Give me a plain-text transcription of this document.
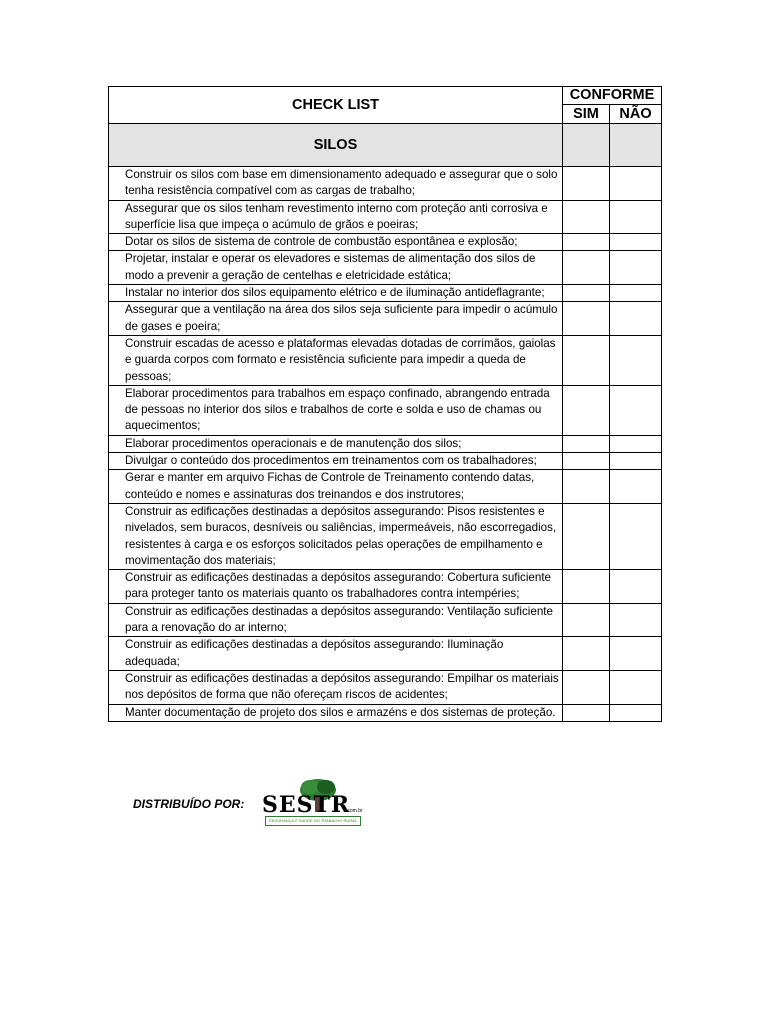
CHECK LIST	CONFORME	
	SIM	NÃO
SILOS		
Construir os silos com base em dimensionamento adequado e assegurar que o solo tenha resistência compatível com as cargas de trabalho;		
Assegurar que os silos tenham revestimento interno com proteção anti corrosiva e superfície lisa que impeça o acúmulo de grãos e poeiras;		
Dotar os silos de sistema de controle de combustão espontânea e explosão;		
Projetar, instalar e operar os elevadores e sistemas de alimentação dos silos de modo a prevenir a geração de centelhas e eletricidade estática;		
Instalar no interior dos silos equipamento elétrico e de iluminação antideflagrante;		
Assegurar que a ventilação na área dos silos seja suficiente para impedir o acúmulo de gases e poeira;		
Construir escadas de acesso e plataformas elevadas dotadas de corrimãos, gaiolas e guarda corpos com formato e resistência suficiente para impedir a queda de pessoas;		
Elaborar procedimentos para trabalhos em espaço confinado, abrangendo entrada de pessoas no interior dos silos e trabalhos de corte e solda e uso de chamas ou aquecimentos;		
Elaborar procedimentos operacionais e de manutenção dos silos;		
Divulgar o conteúdo dos procedimentos em treinamentos com os trabalhadores;		
Gerar e manter em arquivo Fichas de Controle de Treinamento contendo datas, conteúdo e nomes e assinaturas dos treinandos e dos instrutores;		
Construir as edificações destinadas a depósitos assegurando: Pisos resistentes e nivelados, sem buracos, desníveis ou saliências, impermeáveis, não escorregadios, resistentes à carga e os esforços solicitados pelas operações de empilhamento e movimentação dos materiais;		
Construir as edificações destinadas a depósitos assegurando: Cobertura suficiente para proteger tanto os materiais quanto os trabalhadores contra intempéries;		
Construir as edificações destinadas a depósitos assegurando: Ventilação suficiente para a renovação do ar interno;		
Construir as edificações destinadas a depósitos assegurando: Iluminação adequada;		
Construir as edificações destinadas a depósitos assegurando: Empilhar os materiais nos depósitos de forma que não ofereçam riscos de acidentes;		
Manter documentação de projeto dos silos e armazéns e dos sistemas de proteção.		
DISTRIBUÍDO POR: SESTR
.com.br
SEGURANÇA E SAÚDE NO TRABALHO RURAL
